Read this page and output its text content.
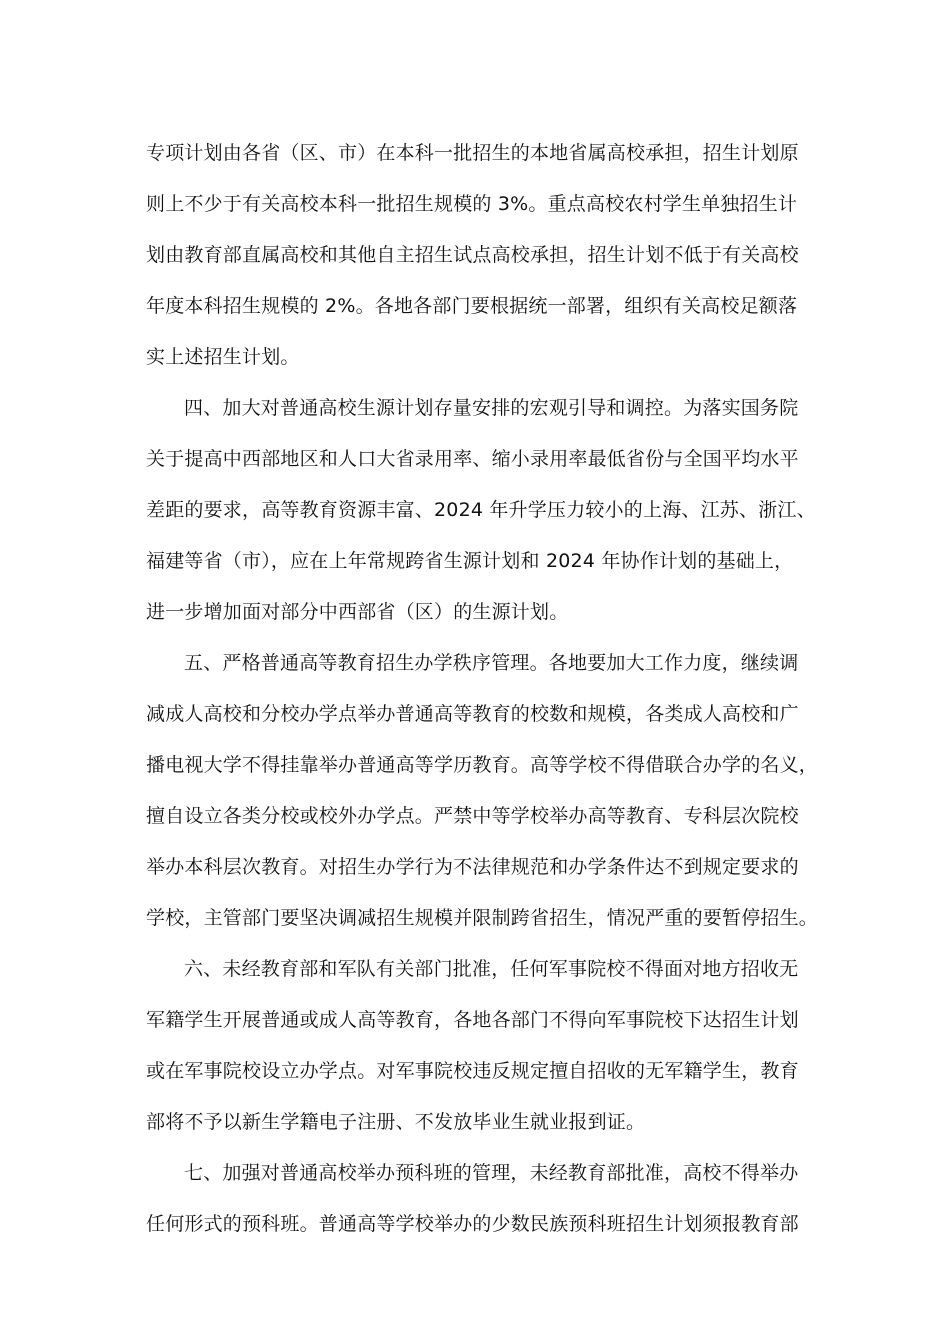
专项计划由各省（区、市）在本科一批招生的本地省属高校承担，招生计划原
则上不少于有关高校本科一批招生规模的 3%。重点高校农村学生单独招生计
划由教育部直属高校和其他自主招生试点高校承担，招生计划不低于有关高校
年度本科招生规模的 2%。各地各部门要根据统一部署，组织有关高校足额落
实上述招生计划。
四、加大对普通高校生源计划存量安排的宏观引导和调控。为落实国务院
关于提高中西部地区和人口大省录用率、缩小录用率最低省份与全国平均水平
差距的要求，高等教育资源丰富、2024 年升学压力较小的上海、江苏、浙江、
福建等省（市），应在上年常规跨省生源计划和 2024 年协作计划的基础上，
进一步增加面对部分中西部省（区）的生源计划。
五、严格普通高等教育招生办学秩序管理。各地要加大工作力度，继续调
减成人高校和分校办学点举办普通高等教育的校数和规模，各类成人高校和广
播电视大学不得挂靠举办普通高等学历教育。高等学校不得借联合办学的名义，
擅自设立各类分校或校外办学点。严禁中等学校举办高等教育、专科层次院校
举办本科层次教育。对招生办学行为不法律规范和办学条件达不到规定要求的
学校，主管部门要坚决调减招生规模并限制跨省招生，情况严重的要暂停招生。
六、未经教育部和军队有关部门批准，任何军事院校不得面对地方招收无
军籍学生开展普通或成人高等教育，各地各部门不得向军事院校下达招生计划
或在军事院校设立办学点。对军事院校违反规定擅自招收的无军籍学生，教育
部将不予以新生学籍电子注册、不发放毕业生就业报到证。
七、加强对普通高校举办预科班的管理，未经教育部批准，高校不得举办
任何形式的预科班。普通高等学校举办的少数民族预科班招生计划须报教育部
